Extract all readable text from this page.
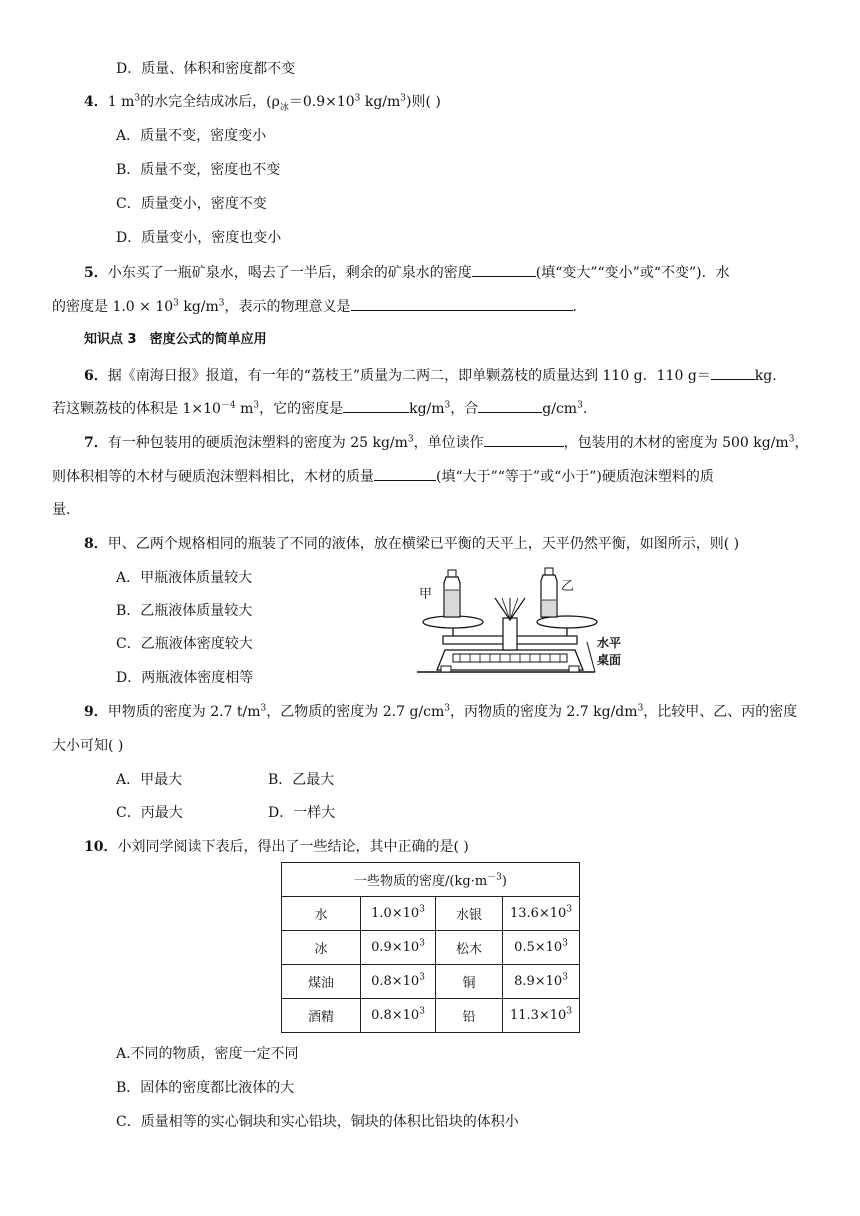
D．质量、体积和密度都不变
4．1 $m^3$的水完全结成冰后，($\rho_冰=0.9\times 10^3$ $kg/m^3$)则( )
A．质量不变，密度变小
B．质量不变，密度也不变
C．质量变小，密度不变
D．质量变小，密度也变小
5．小东买了一瓶矿泉水，喝去了一半后，剩余的矿泉水的密度	(填“变大”“变小”或“不变”)．水
的密度是 $1.0 \times 10^3$ $kg/m^3$，表示的物理意义是	．
知识点 3　密度公式的简单应用
6．据《南海日报》报道，有一年的“荔枝王”质量为二两二，即单颗荔枝的质量达到 110 g．110 g＝	kg.
若这颗荔枝的体积是 $1\times 10^{-4}$ $m^3$，它的密度是	$kg/m^3$，合	$g/cm^3$.
7．有一种包装用的硬质泡沫塑料的密度为 25 $kg/m^3$，单位读作	，包装用的木材的密度为 500 $kg/m^3$，
则体积相等的木材与硬质泡沫塑料相比，木材的质量	(填“大于”“等于”或“小于”)硬质泡沫塑料的质
量.
8．甲、乙两个规格相同的瓶装了不同的液体，放在横梁已平衡的天平上，天平仍然平衡，如图所示，则( )
A．甲瓶液体质量较大
B．乙瓶液体质量较大
C．乙瓶液体密度较大
D．两瓶液体密度相等
甲
乙
水平
桌面
9．甲物质的密度为 2.7 $t/m^3$，乙物质的密度为 2.7 $g/cm^3$，丙物质的密度为 2.7 $kg/dm^3$，比较甲、乙、丙的密度
大小可知( )
A．甲最大	B．乙最大
C．丙最大	D．一样大
10．小刘同学阅读下表后，得出了一些结论，其中正确的是( )
一些物质的密度$/(kg\cdot m^{-3})$			
水	$1.0\times 10^3$	水银	$13.6\times 10^3$
冰	$0.9\times 10^3$	松木	$0.5\times 10^3$
煤油	$0.8\times 10^3$	铜	$8.9\times 10^3$
酒精	$0.8\times 10^3$	铅	$11.3\times 10^3$
A.不同的物质，密度一定不同
B．固体的密度都比液体的大
C．质量相等的实心铜块和实心铅块，铜块的体积比铅块的体积小
